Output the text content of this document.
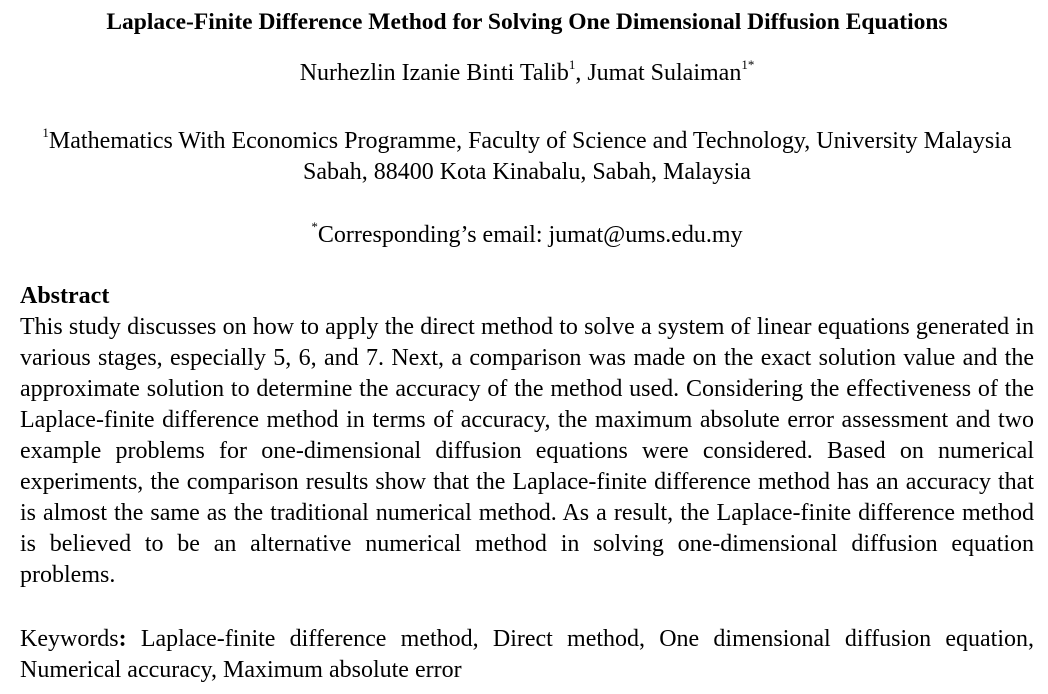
Laplace-Finite Difference Method for Solving One Dimensional Diffusion Equations
Nurhezlin Izanie Binti Talib$^1$, Jumat Sulaiman$^{1*}$
$^1$Mathematics With Economics Programme, Faculty of Science and Technology, University Malaysia Sabah, 88400 Kota Kinabalu, Sabah, Malaysia
*Corresponding’s email: jumat@ums.edu.my
Abstract
This study discusses on how to apply the direct method to solve a system of linear equations generated in various stages, especially 5, 6, and 7. Next, a comparison was made on the exact solution value and the approximate solution to determine the accuracy of the method used. Considering the effectiveness of the Laplace-finite difference method in terms of accuracy, the maximum absolute error assessment and two example problems for one-dimensional diffusion equations were considered. Based on numerical experiments, the comparison results show that the Laplace-finite difference method has an accuracy that is almost the same as the traditional numerical method. As a result, the Laplace-finite difference method is believed to be an alternative numerical method in solving one-dimensional diffusion equation problems.
Keywords: Laplace-finite difference method, Direct method, One dimensional diffusion equation, Numerical accuracy, Maximum absolute error
